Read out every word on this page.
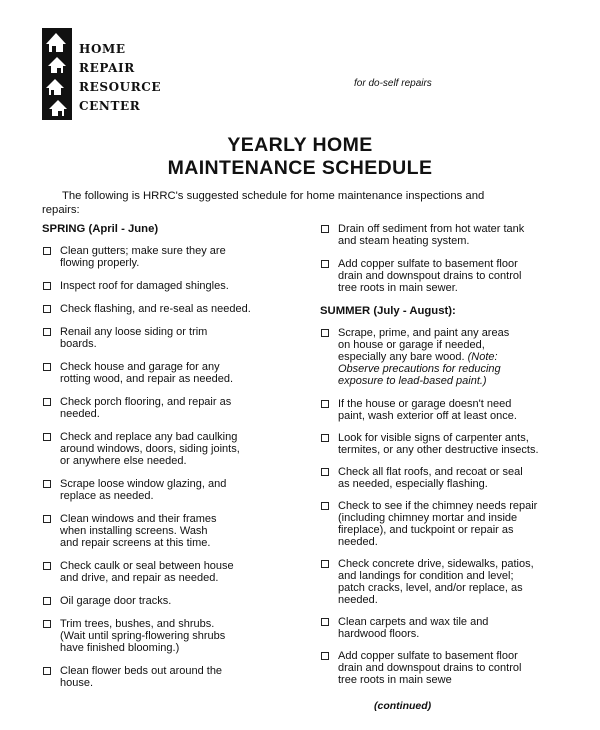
HOME
REPAIR
RESOURCE
CENTER
for do-self repairs
YEARLY HOME
MAINTENANCE SCHEDULE
The following is HRRC's suggested schedule for home maintenance inspections and
repairs:
SPRING (April - June)
Clean gutters; make sure they are
flowing properly.
Inspect roof for damaged shingles.
Check flashing, and re-seal as needed.
Renail any loose siding or trim
boards.
Check house and garage for any
rotting wood, and repair as needed.
Check porch flooring, and repair as
needed.
Check and replace any bad caulking
around windows, doors, siding joints,
or anywhere else needed.
Scrape loose window glazing, and
replace as needed.
Clean windows and their frames
when installing screens. Wash
and repair screens at this time.
Check caulk or seal between house
and drive, and repair as needed.
Oil garage door tracks.
Trim trees, bushes, and shrubs.
(Wait until spring-flowering shrubs
have finished blooming.)
Clean flower beds out around the
house.
Drain off sediment from hot water tank
and steam heating system.
Add copper sulfate to basement floor
drain and downspout drains to control
tree roots in main sewer.
SUMMER (July - August):
Scrape, prime, and paint any areas
on house or garage if needed,
especially any bare wood. (Note:
Observe precautions for reducing
exposure to lead-based paint.)
If the house or garage doesn't need
paint, wash exterior off at least once.
Look for visible signs of carpenter ants,
termites, or any other destructive insects.
Check all flat roofs, and recoat or seal
as needed, especially flashing.
Check to see if the chimney needs repair
(including chimney mortar and inside
fireplace), and tuckpoint or repair as
needed.
Check concrete drive, sidewalks, patios,
and landings for condition and level;
patch cracks, level, and/or replace, as
needed.
Clean carpets and wax tile and
hardwood floors.
Add copper sulfate to basement floor
drain and downspout drains to control
tree roots in main sewe
(continued)
